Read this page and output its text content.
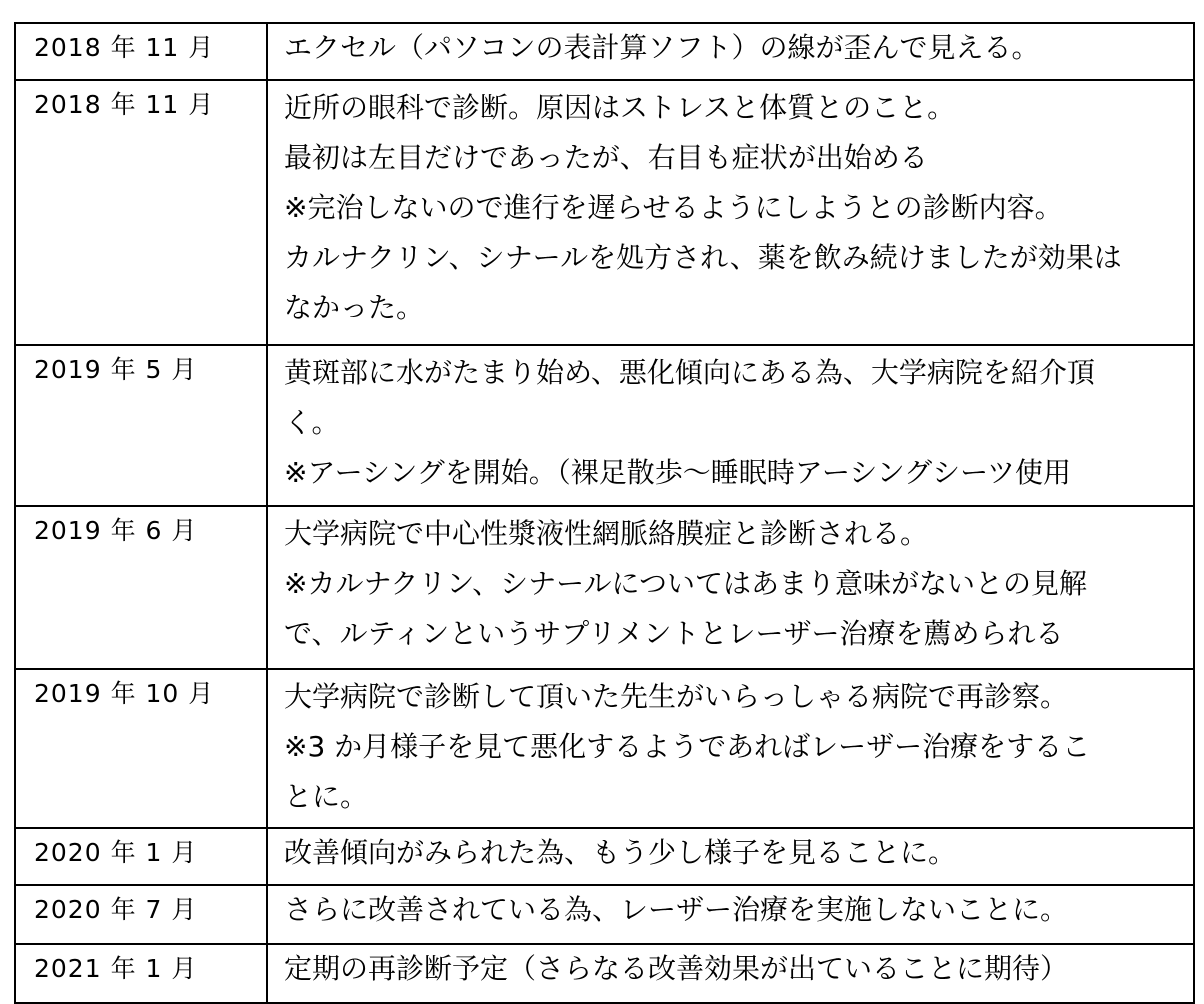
2018 年 11 月	エクセル（パソコンの表計算ソフト）の線が歪んで見える。

2018 年 11 月	近所の眼科で診断。原因はストレスと体質とのこと。
最初は左目だけであったが、右目も症状が出始める
※完治しないので進行を遅らせるようにしようとの診断内容。
カルナクリン、シナールを処方され、薬を飲み続けましたが効果は
なかった。

2019 年 5 月	黄斑部に水がたまり始め、悪化傾向にある為、大学病院を紹介頂
く。
※アーシングを開始。（裸足散歩～睡眠時アーシングシーツ使用

2019 年 6 月	大学病院で中心性漿液性網脈絡膜症と診断される。
※カルナクリン、シナールについてはあまり意味がないとの見解
で、ルティンというサプリメントとレーザー治療を薦められる

2019 年 10 月	大学病院で診断して頂いた先生がいらっしゃる病院で再診察。
※3 か月様子を見て悪化するようであればレーザー治療をするこ
とに。

2020 年 1 月	改善傾向がみられた為、もう少し様子を見ることに。

2020 年 7 月	さらに改善されている為、レーザー治療を実施しないことに。

2021 年 1 月	定期の再診断予定（さらなる改善効果が出ていることに期待）
